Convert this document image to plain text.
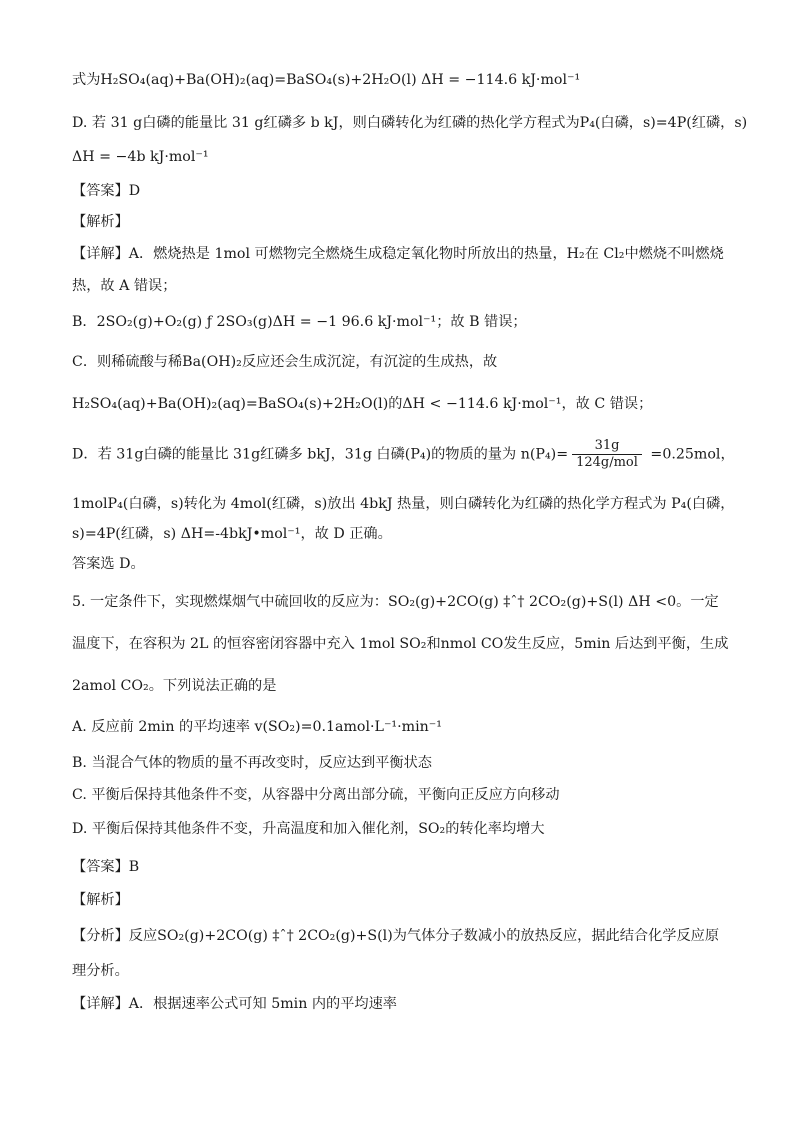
式为H₂SO₄(aq)+Ba(OH)₂(aq)=BaSO₄(s)+2H₂O(l) ΔH = −114.6 kJ·mol⁻¹
D. 若 31 g白磷的能量比 31 g红磷多 b kJ，则白磷转化为红磷的热化学方程式为P₄(白磷，s)=4P(红磷，s)
ΔH = −4b kJ·mol⁻¹
【答案】D
【解析】
【详解】A．燃烧热是 1mol 可燃物完全燃烧生成稳定氧化物时所放出的热量，H₂在 Cl₂中燃烧不叫燃烧
热，故 A 错误；
B．2SO₂(g)+O₂(g) ƒ 2SO₃(g)ΔH = −1 96.6 kJ·mol⁻¹；故 B 错误；
C．则稀硫酸与稀Ba(OH)₂反应还会生成沉淀，有沉淀的生成热，故
H₂SO₄(aq)+Ba(OH)₂(aq)=BaSO₄(s)+2H₂O(l)的ΔH < −114.6 kJ·mol⁻¹，故 C 错误；
D．若 31g白磷的能量比 31g红磷多 bkJ，31g 白磷(P₄)的物质的量为 $n(P_4)= \frac{31g}{\text{124g/mol}} =0.25mol$，
1molP₄(白磷，s)转化为 4mol(红磷，s)放出 4bkJ 热量，则白磷转化为红磷的热化学方程式为 P₄(白磷，
s)=4P(红磷，s) ΔH=-4bkJ•mol⁻¹，故 D 正确。
答案选 D。
5. 一定条件下，实现燃煤烟气中硫回收的反应为：SO₂(g)+2CO(g) ‡ˆ† 2CO₂(g)+S(l) ΔH <0。一定
温度下，在容积为 2L 的恒容密闭容器中充入 1mol SO₂和nmol CO发生反应，5min 后达到平衡，生成
2amol CO₂。下列说法正确的是
A. 反应前 2min 的平均速率 v(SO₂)=0.1amol·L⁻¹·min⁻¹
B. 当混合气体的物质的量不再改变时，反应达到平衡状态
C. 平衡后保持其他条件不变，从容器中分离出部分硫，平衡向正反应方向移动
D. 平衡后保持其他条件不变，升高温度和加入催化剂，SO₂的转化率均增大
【答案】B
【解析】
【分析】反应SO₂(g)+2CO(g) ‡ˆ† 2CO₂(g)+S(l)为气体分子数减小的放热反应，据此结合化学反应原
理分析。
【详解】A．根据速率公式可知 5min 内的平均速率
